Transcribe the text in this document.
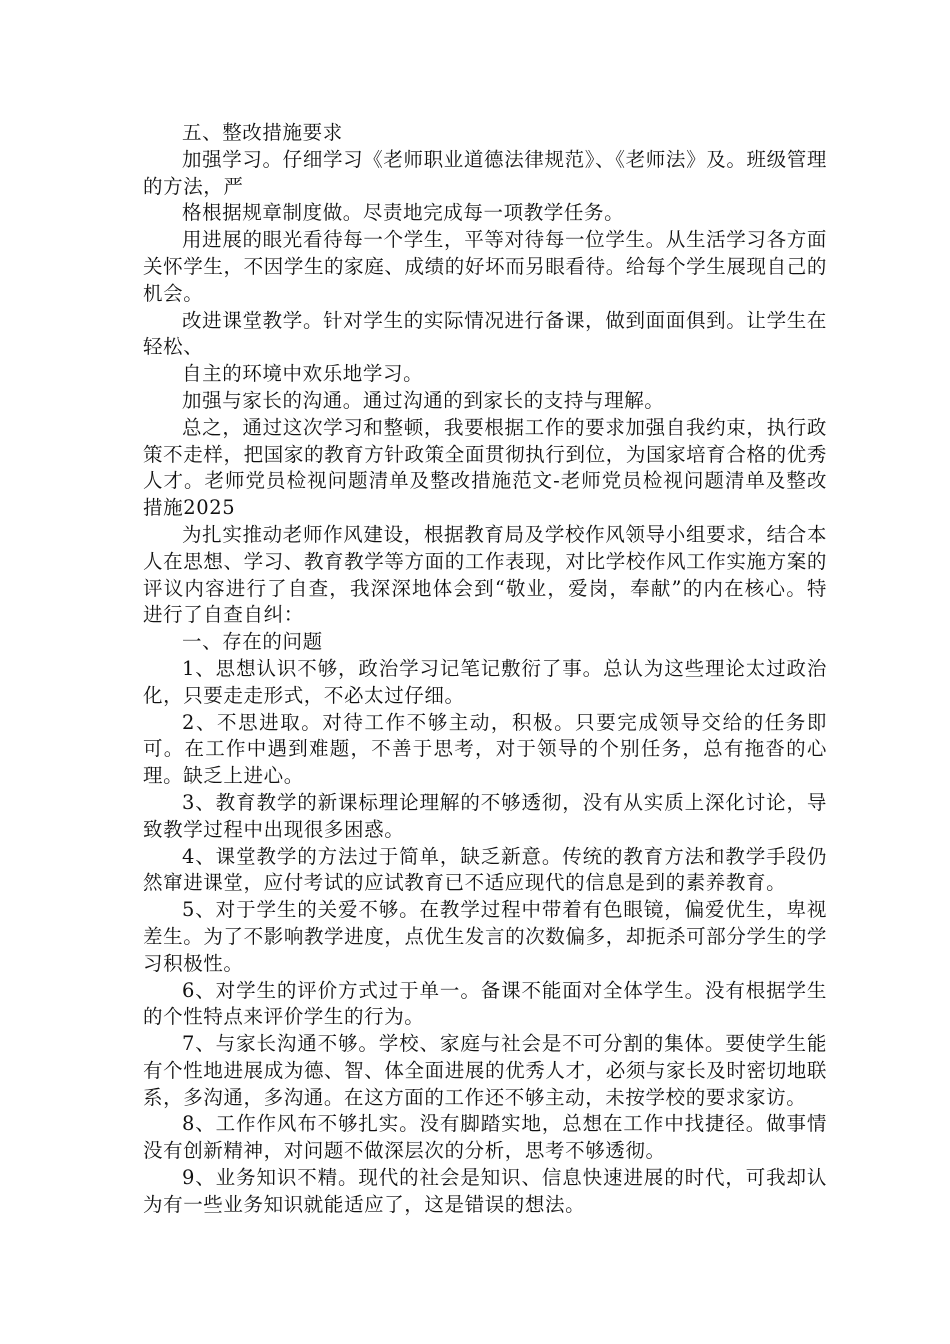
五、整改措施要求

加强学习。仔细学习《老师职业道德法律规范》、《老师法》及。班级管理的方法，严

格根据规章制度做。尽责地完成每一项教学任务。

用进展的眼光看待每一个学生，平等对待每一位学生。从生活学习各方面关怀学生，不因学生的家庭、成绩的好坏而另眼看待。给每个学生展现自己的机会。

改进课堂教学。针对学生的实际情况进行备课，做到面面俱到。让学生在轻松、

自主的环境中欢乐地学习。

加强与家长的沟通。通过沟通的到家长的支持与理解。

总之，通过这次学习和整顿，我要根据工作的要求加强自我约束，执行政策不走样，把国家的教育方针政策全面贯彻执行到位，为国家培育合格的优秀人才。老师党员检视问题清单及整改措施范文-老师党员检视问题清单及整改措施2025

为扎实推动老师作风建设，根据教育局及学校作风领导小组要求，结合本人在思想、学习、教育教学等方面的工作表现，对比学校作风工作实施方案的评议内容进行了自查，我深深地体会到“敬业，爱岗，奉献”的内在核心。特进行了自查自纠：

一、存在的问题

1、思想认识不够，政治学习记笔记敷衍了事。总认为这些理论太过政治化，只要走走形式，不必太过仔细。

2、不思进取。对待工作不够主动，积极。只要完成领导交给的任务即可。在工作中遇到难题，不善于思考，对于领导的个别任务，总有拖沓的心理。缺乏上进心。

3、教育教学的新课标理论理解的不够透彻，没有从实质上深化讨论，导致教学过程中出现很多困惑。

4、课堂教学的方法过于简单，缺乏新意。传统的教育方法和教学手段仍然窜进课堂，应付考试的应试教育已不适应现代的信息是到的素养教育。

5、对于学生的关爱不够。在教学过程中带着有色眼镜，偏爱优生，卑视差生。为了不影响教学进度，点优生发言的次数偏多，却扼杀可部分学生的学习积极性。

6、对学生的评价方式过于单一。备课不能面对全体学生。没有根据学生的个性特点来评价学生的行为。

7、与家长沟通不够。学校、家庭与社会是不可分割的集体。要使学生能有个性地进展成为德、智、体全面进展的优秀人才，必须与家长及时密切地联系，多沟通，多沟通。在这方面的工作还不够主动，未按学校的要求家访。

8、工作作风布不够扎实。没有脚踏实地，总想在工作中找捷径。做事情没有创新精神，对问题不做深层次的分析，思考不够透彻。

9、业务知识不精。现代的社会是知识、信息快速进展的时代，可我却认为有一些业务知识就能适应了，这是错误的想法。
